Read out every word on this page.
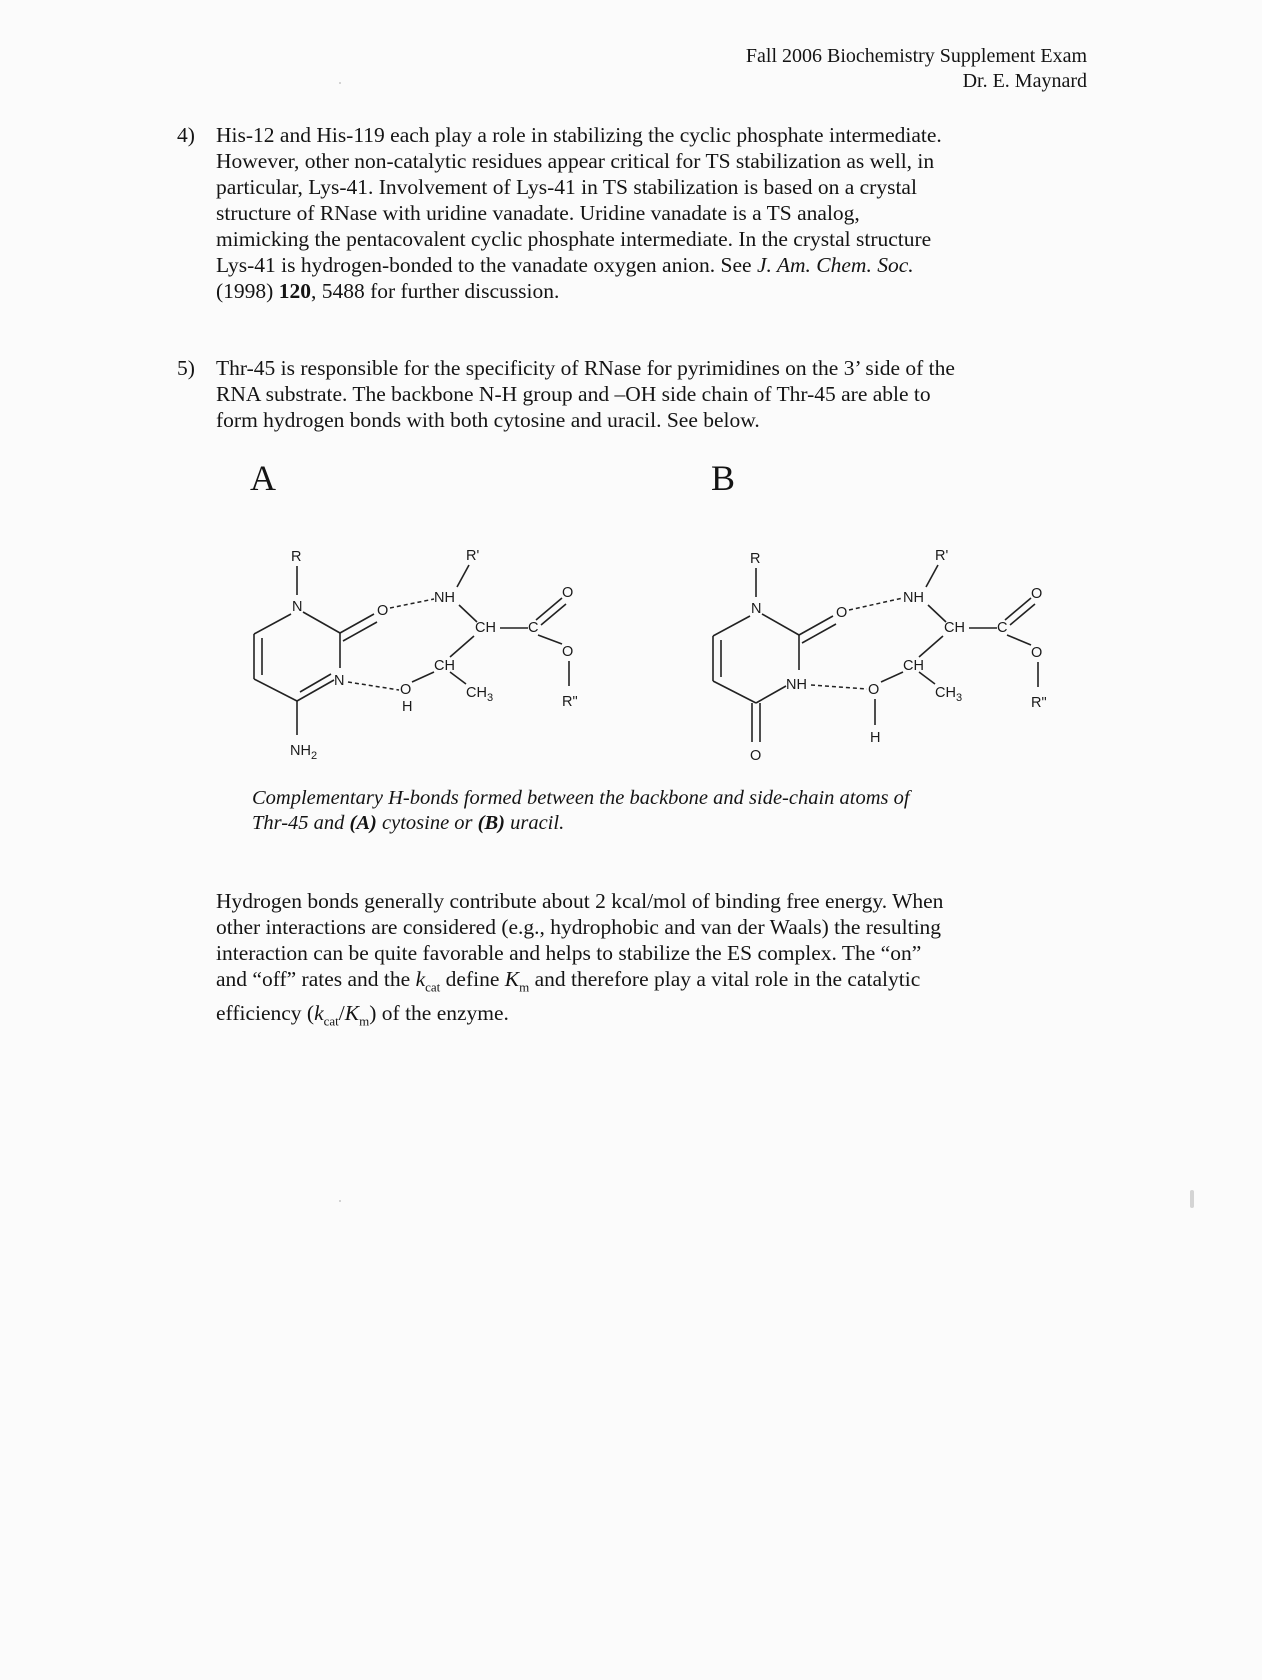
Fall 2006 Biochemistry Supplement Exam
Dr. E. Maynard
4) His-12 and His-119 each play a role in stabilizing the cyclic phosphate intermediate.
However, other non-catalytic residues appear critical for TS stabilization as well, in
particular, Lys-41. Involvement of Lys-41 in TS stabilization is based on a crystal
structure of RNase with uridine vanadate. Uridine vanadate is a TS analog,
mimicking the pentacovalent cyclic phosphate intermediate. In the crystal structure
Lys-41 is hydrogen-bonded to the vanadate oxygen anion. See J. Am. Chem. Soc.
(1998) 120, 5488 for further discussion.
5) Thr-45 is responsible for the specificity of RNase for pyrimidines on the 3’ side of the
RNA substrate. The backbone N-H group and –OH side chain of Thr-45 are able to
form hydrogen bonds with both cytosine and uracil. See below.
A	B
R
N	O
N
$NH_2$
NH
R'
CH C
O
O
R"
CH
$CH_3$
O
H
R
N	O
NH
O
NH
R'
CH C
O
O
R"
CH
$CH_3$
O
H
Complementary H-bonds formed between the backbone and side-chain atoms of
Thr-45 and (A) cytosine or (B) uracil.
Hydrogen bonds generally contribute about 2 kcal/mol of binding free energy. When
other interactions are considered (e.g., hydrophobic and van der Waals) the resulting
interaction can be quite favorable and helps to stabilize the ES complex. The “on”
and “off” rates and the $k_{cat}$ define $K_m$ and therefore play a vital role in the catalytic
efficiency $(k_{cat}/K_m)$ of the enzyme.
